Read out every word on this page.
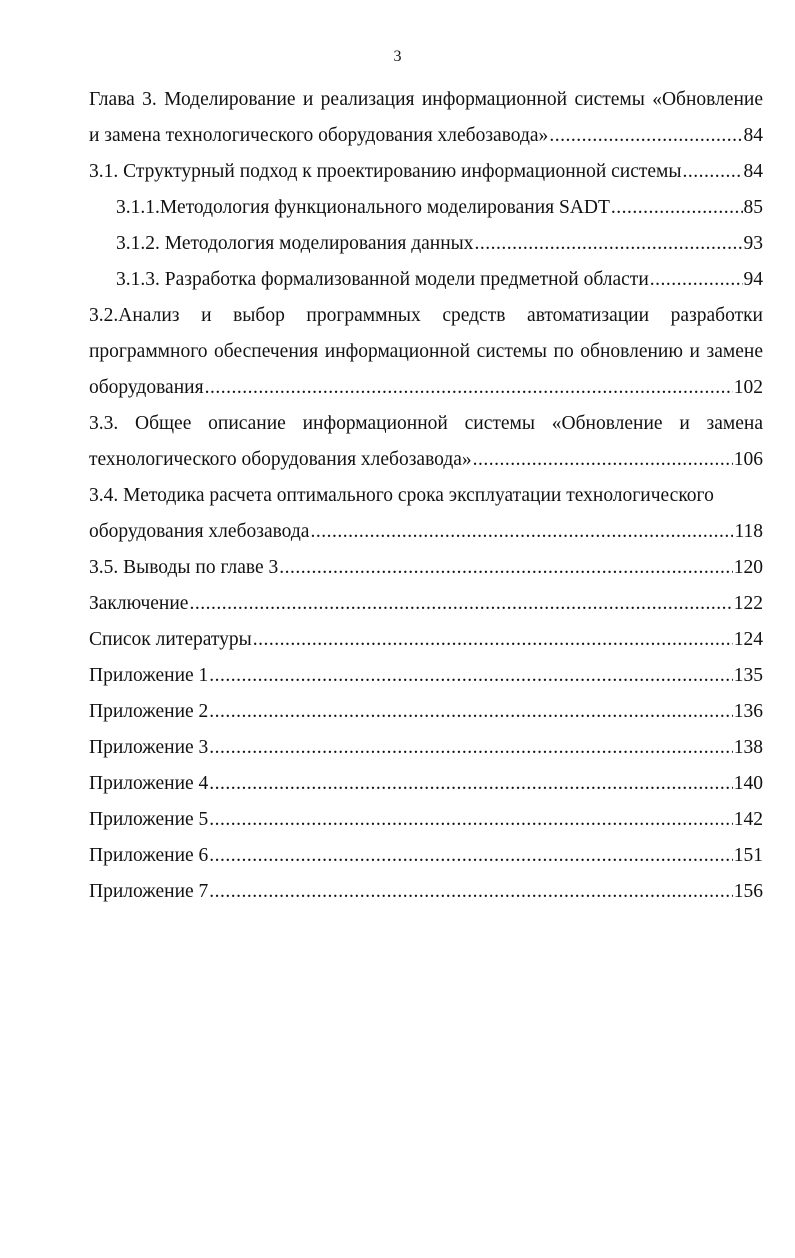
3
Глава 3. Моделирование и реализация информационной системы «Обновление
и замена технологического оборудования хлебозавода» .....	84
3.1. Структурный подход к проектированию информационной системы .....	84
3.1.1.Методология функционального моделирования SADT .....	85
3.1.2. Методология моделирования данных .....	93
3.1.3. Разработка формализованной модели предметной области .....	94
3.2.Анализ и выбор программных средств автоматизации разработки
программного обеспечения информационной системы по обновлению и замене
оборудования .....	102
3.3. Общее описание информационной системы «Обновление и замена
технологического оборудования хлебозавода» .....	106
3.4. Методика расчета оптимального срока эксплуатации технологического
оборудования хлебозавода .....	118
3.5. Выводы по главе 3 .....	120
Заключение .....	122
Список литературы .....	124
Приложение 1 .....	135
Приложение 2 .....	136
Приложение 3 .....	138
Приложение 4 .....	140
Приложение 5 .....	142
Приложение 6 .....	151
Приложение 7 .....	156
